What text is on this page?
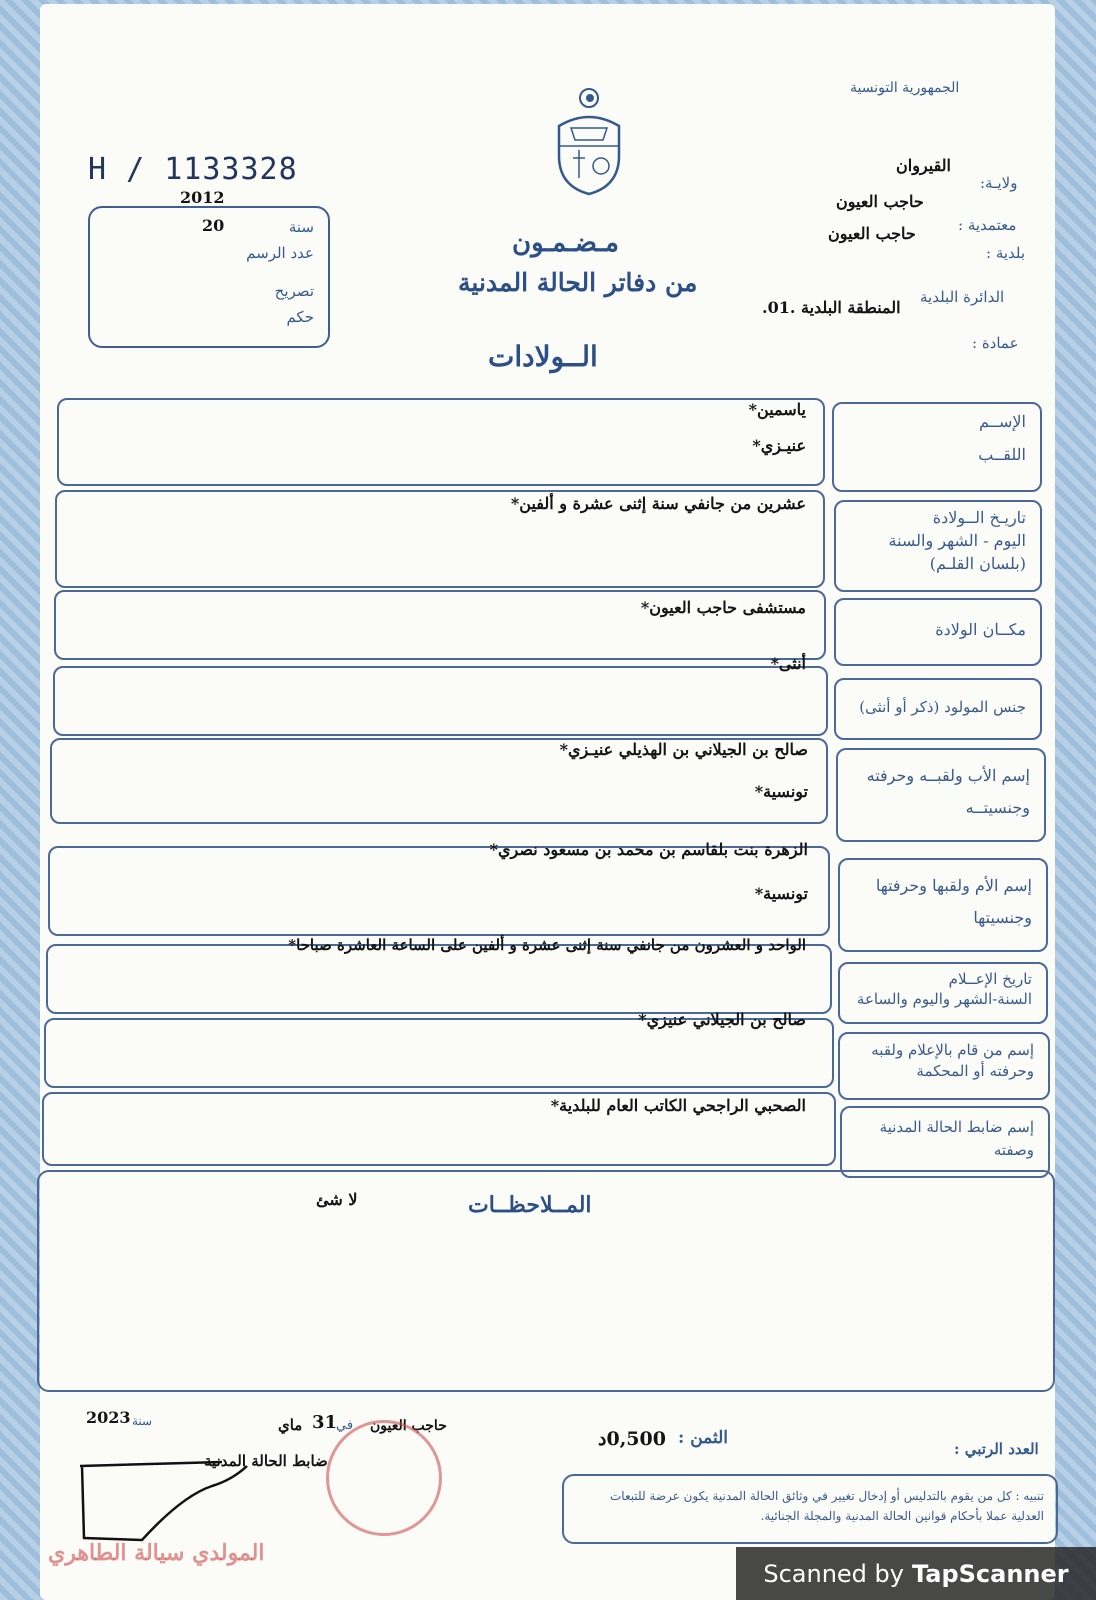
الجمهورية التونسية
H / 1133328
2012
سنة
20
عدد الرسم
تصريح
حكم
ولايـة:
القيروان
معتمدية :
حاجب العيون
بلدية :
حاجب العيون
الدائرة البلدية
المنطقة البلدية .01.
عمادة :
مـضـمـون
من دفاتر الحالة المدنية
الــولادات
الإســم
اللقــب
ياسمين*
عنيـزي*
تاريـخ الــولادة
اليوم - الشهر والسنة
(بلسان القلـم)
عشرين من جانفي سنة إثنى عشرة و ألفين*
مكــان الولادة
مستشفى حاجب العيون*
جنس المولود (ذكر أو أنثى)
أنثى*
إسم الأب ولقبــه وحرفته
وجنسيتــه
صالح بن الجيلاني بن الهذيلي عنيـزي*
تونسية*
إسم الأم ولقبها وحرفتها
وجنسيتها
الزهرة بنت بلقاسم بن محمد بن مسعود نصري*
تونسية*
تاريخ الإعــلام
السنة-الشهر واليوم والساعة
الواحد و العشرون من جانفي سنة إثنى عشرة و ألفين على الساعة العاشرة صباحا*
إسم من قام بالإعلام ولقبه
وحرفته أو المحكمة
صالح بن الجيلاني عنيزي*
إسم ضابط الحالة المدنية
وصفته
الصحبي الراجحي الكاتب العام للبلدية*
المــلاحظــات
لا شئ
العدد الرتبي :
الثمن :
0,500د
حاجب العيون
في
31
ماي
سنة
2023
المولدي سيالة الطاهري
ضابط الحالة المدنية
تنبيه : كل من يقوم بالتدليس أو إدخال تغيير في وثائق الحالة المدنية يكون عرضة للتبعات العدلية عملا بأحكام قوانين الحالة المدنية والمجلة الجنائية.
Scanned by TapScanner
